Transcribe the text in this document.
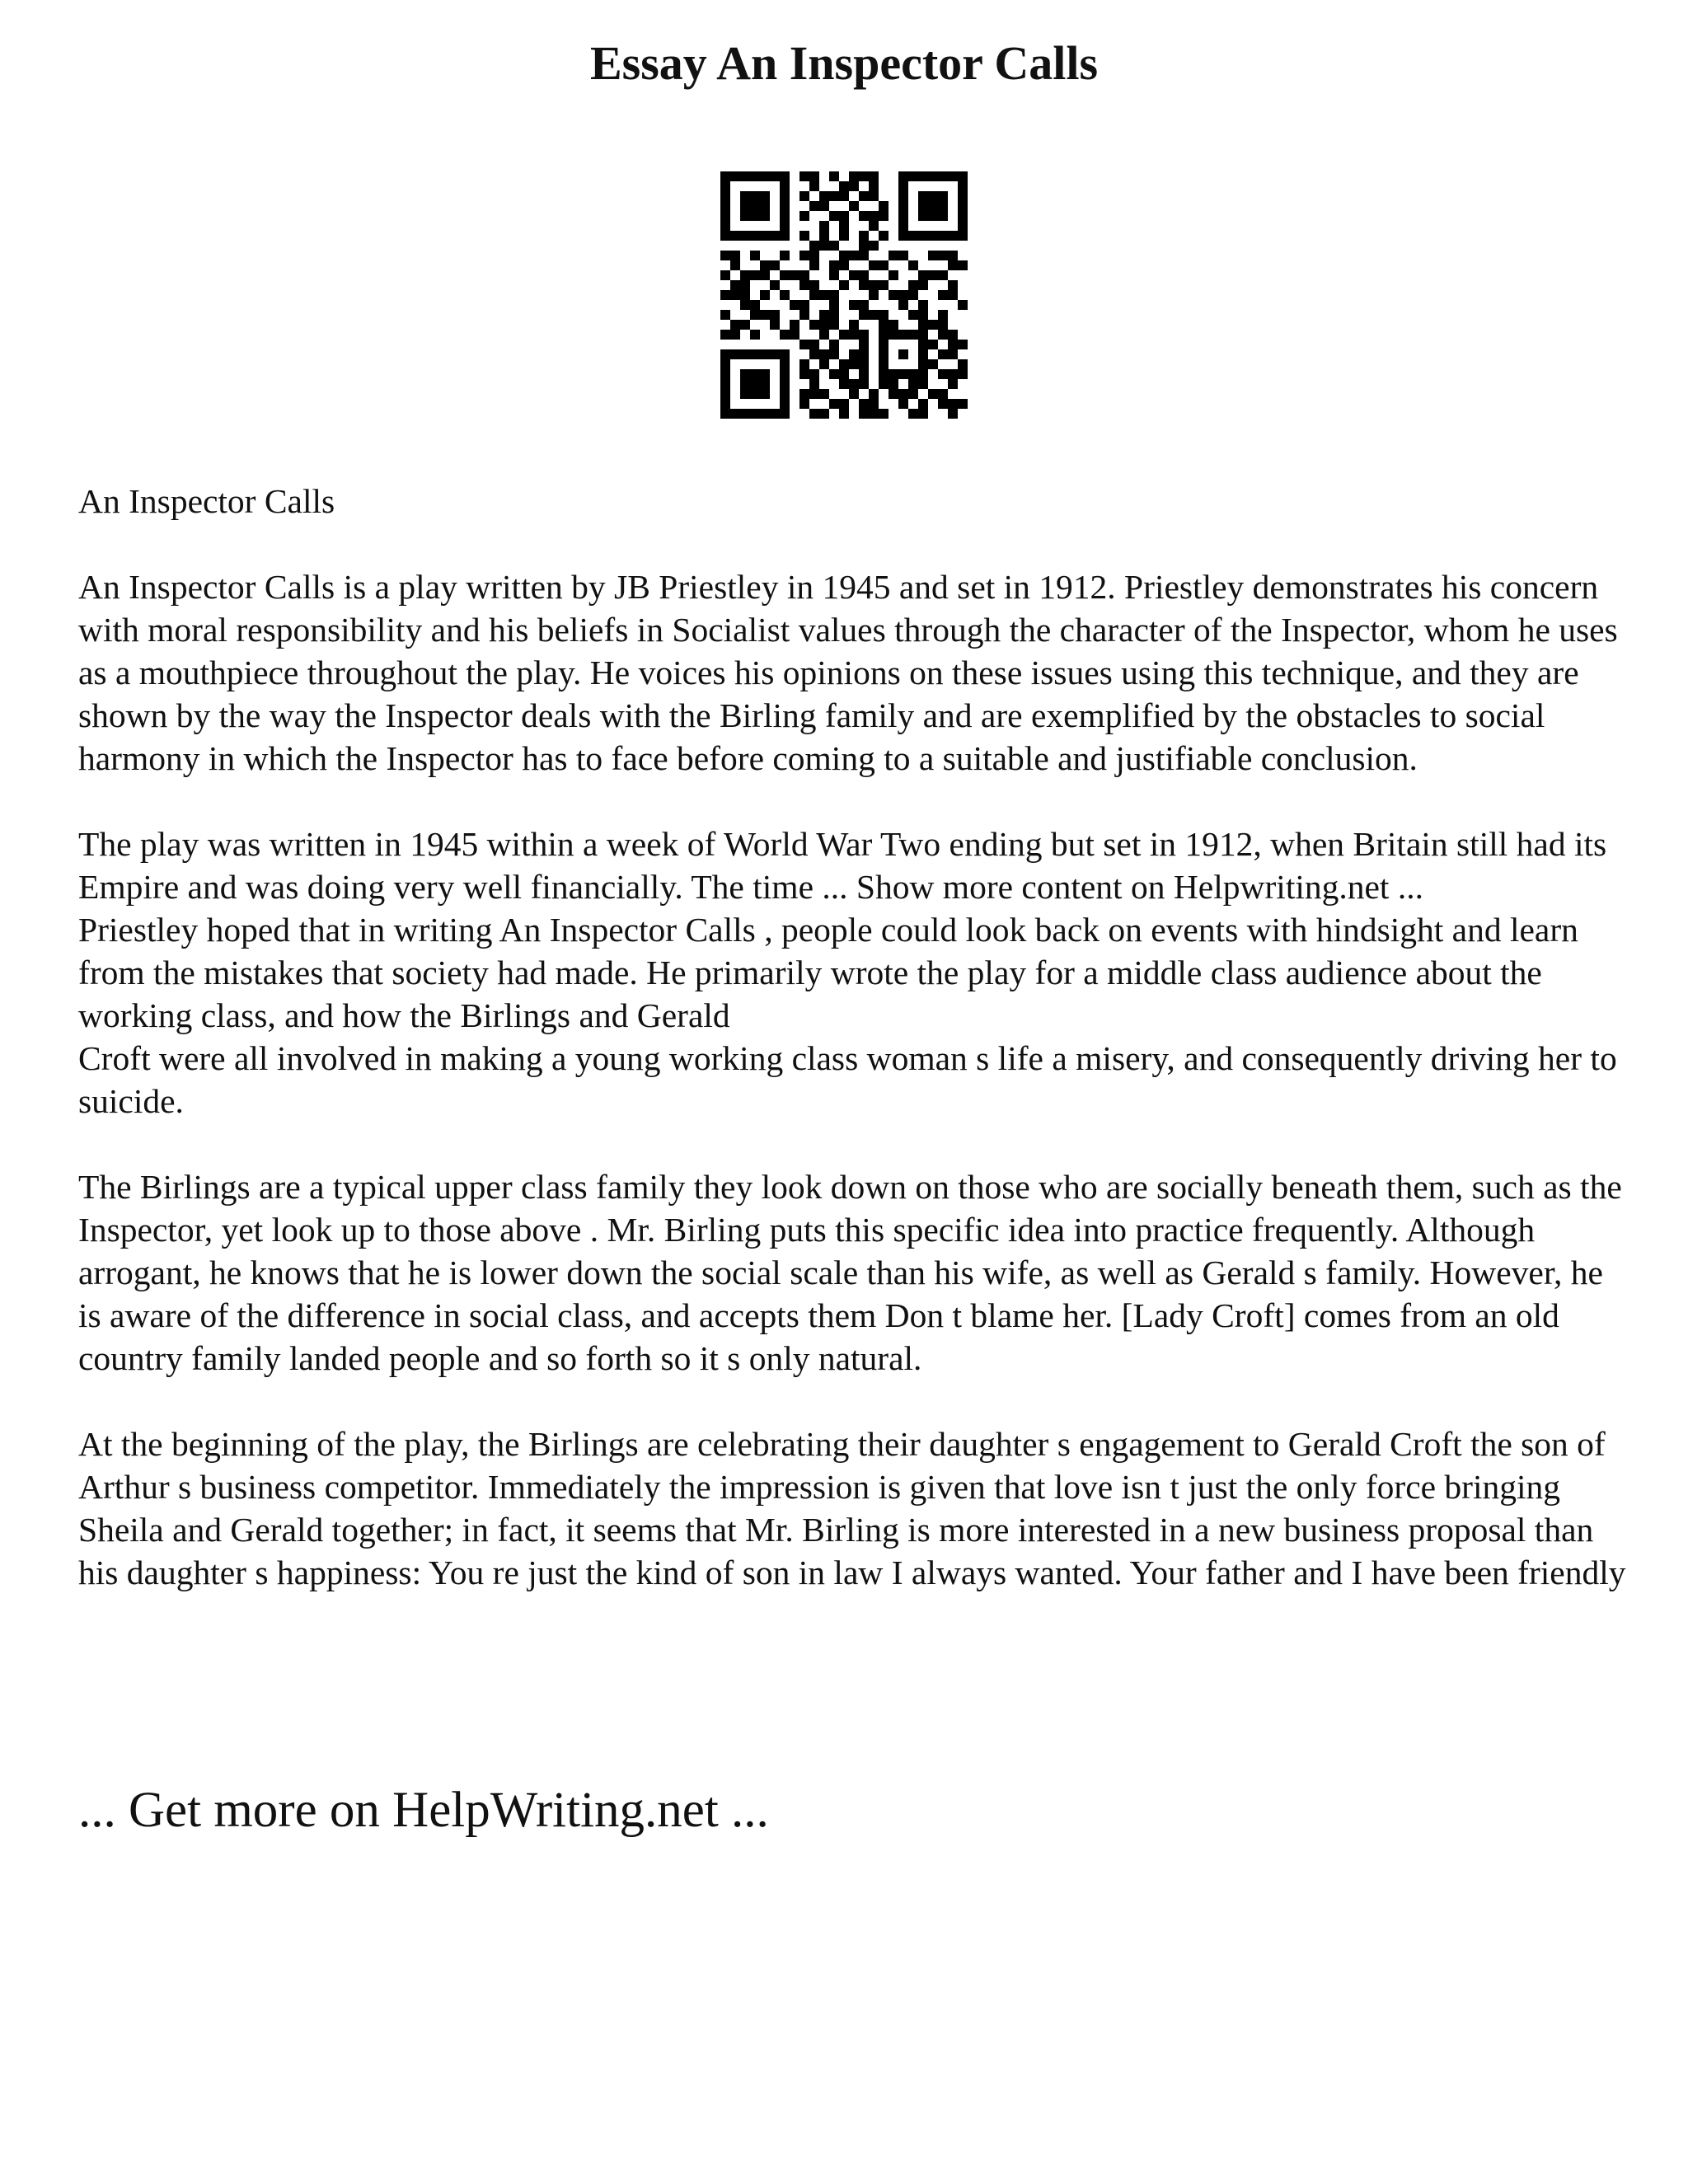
Essay An Inspector Calls

An Inspector Calls

An Inspector Calls is a play written by JB Priestley in 1945 and set in 1912. Priestley demonstrates his concern with moral responsibility and his beliefs in Socialist values through the character of the Inspector, whom he uses as a mouthpiece throughout the play. He voices his opinions on these issues using this technique, and they are shown by the way the Inspector deals with the Birling family and are exemplified by the obstacles to social harmony in which the Inspector has to face before coming to a suitable and justifiable conclusion.

The play was written in 1945 within a week of World War Two ending but set in 1912, when Britain still had its Empire and was doing very well financially. The time ... Show more content on Helpwriting.net ...

Priestley hoped that in writing An Inspector Calls , people could look back on events with hindsight and learn from the mistakes that society had made. He primarily wrote the play for a middle class audience about the working class, and how the Birlings and Gerald

Croft were all involved in making a young working class woman s life a misery, and consequently driving her to suicide.

The Birlings are a typical upper class family they look down on those who are socially beneath them, such as the Inspector, yet look up to those above . Mr. Birling puts this specific idea into practice frequently. Although arrogant, he knows that he is lower down the social scale than his wife, as well as Gerald s family. However, he is aware of the difference in social class, and accepts them Don t blame her. [Lady Croft] comes from an old country family landed people and so forth so it s only natural.

At the beginning of the play, the Birlings are celebrating their daughter s engagement to Gerald Croft the son of Arthur s business competitor. Immediately the impression is given that love isn t just the only force bringing Sheila and Gerald together; in fact, it seems that Mr. Birling is more interested in a new business proposal than his daughter s happiness: You re just the kind of son in law I always wanted. Your father and I have been friendly

... Get more on HelpWriting.net ...
